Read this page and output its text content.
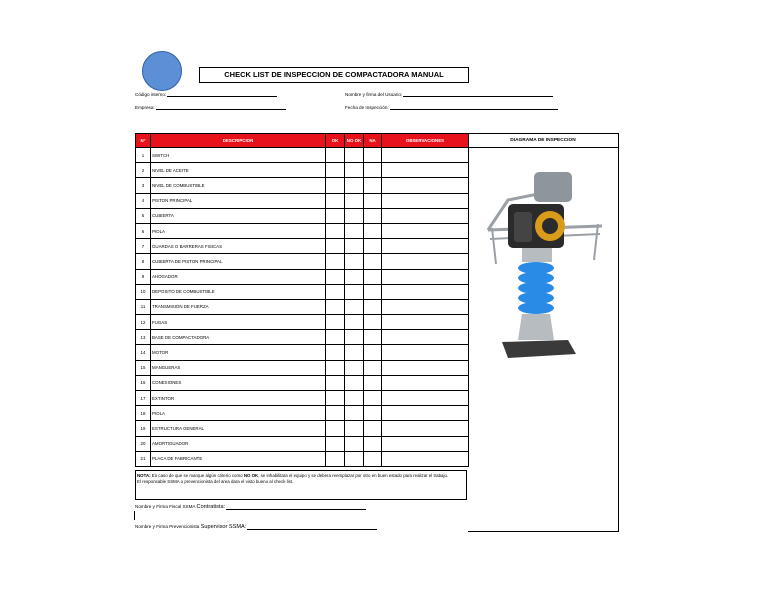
CHECK LIST DE INSPECCION DE COMPACTADORA MANUAL
Código interno:	Nombre y firma del Usuario:
Empresa:	Fecha de Inspección:
N°	DESCRIPCION	OK	NO OK	NA	OBSERVACIONES
1	SWITCH				
2	NIVEL DE ACEITE				
3	NIVEL DE COMBUSTIBLE				
4	PISTON PRINCIPAL				
5	CUBIERTA				
6	PIOLA				
7	GUARDAS O BARRERAS FISICAS				
8	CUBIERTA DE PISTON PRINCIPAL				
9	AHOGADOR				
10	DEPOSITO DE COMBUSTIBLE				
11	TRANSMISION DE FUERZA				
12	FUGAS				
13	BASE DE COMPACTADORA				
14	MOTOR				
15	MANGUERAS				
16	CONEXIONES				
17	EXTINTOR				
18	PIOLA				
19	ESTRUCTURA GENERAL				
20	AMORTIGUADOR				
21	PLACA DE FABRICANTE				
DIAGRAMA DE INSPECCION
NOTA: En caso de que se marque algún criterio como NO OK, se inhabilitara el equipo y se debera reemplazar por otro en buen estado para realizar el trabajo.
El responsable SSMA o prevencionista del area dara el visto bueno al check list.
Nombre y Firma Fiscal SSMA Contratista:
Nombre y Firma Prevencionista Supervisor SSMA:
